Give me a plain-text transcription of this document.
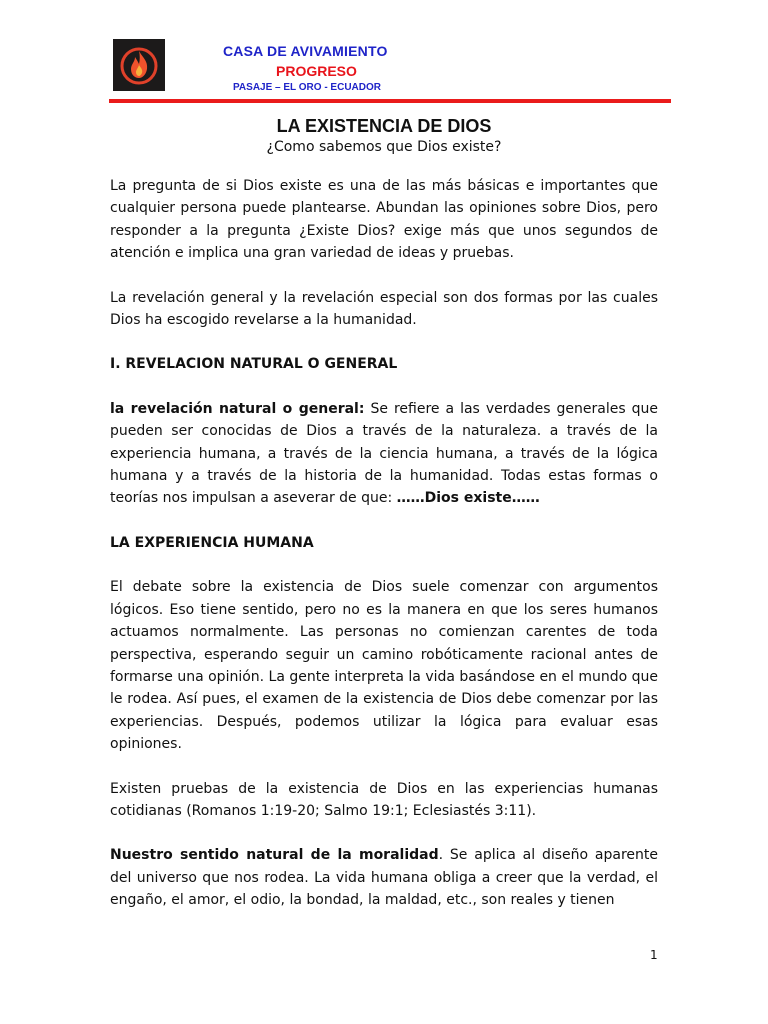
CASA DE AVIVAMIENTO
PROGRESO
PASAJE – EL ORO - ECUADOR
LA EXISTENCIA DE DIOS
¿Como sabemos que Dios existe?

La pregunta de si Dios existe es una de las más básicas e importantes que cualquier persona puede plantearse. Abundan las opiniones sobre Dios, pero responder a la pregunta ¿Existe Dios? exige más que unos segundos de atención e implica una gran variedad de ideas y pruebas.

La revelación general y la revelación especial son dos formas por las cuales Dios ha escogido revelarse a la humanidad.

I. REVELACION NATURAL O GENERAL

la revelación natural o general: Se refiere a las verdades generales que pueden ser conocidas de Dios a través de la naturaleza. a través de la experiencia humana, a través de la ciencia humana, a través de la lógica humana y a través de la historia de la humanidad. Todas estas formas o teorías nos impulsan a aseverar de que: ……Dios existe……

LA EXPERIENCIA HUMANA

El debate sobre la existencia de Dios suele comenzar con argumentos lógicos. Eso tiene sentido, pero no es la manera en que los seres humanos actuamos normalmente. Las personas no comienzan carentes de toda perspectiva, esperando seguir un camino robóticamente racional antes de formarse una opinión. La gente interpreta la vida basándose en el mundo que le rodea. Así pues, el examen de la existencia de Dios debe comenzar por las experiencias. Después, podemos utilizar la lógica para evaluar esas opiniones.

Existen pruebas de la existencia de Dios en las experiencias humanas cotidianas (Romanos 1:19-20; Salmo 19:1; Eclesiastés 3:11).

Nuestro sentido natural de la moralidad. Se aplica al diseño aparente del universo que nos rodea. La vida humana obliga a creer que la verdad, el engaño, el amor, el odio, la bondad, la maldad, etc., son reales y tienen

1
